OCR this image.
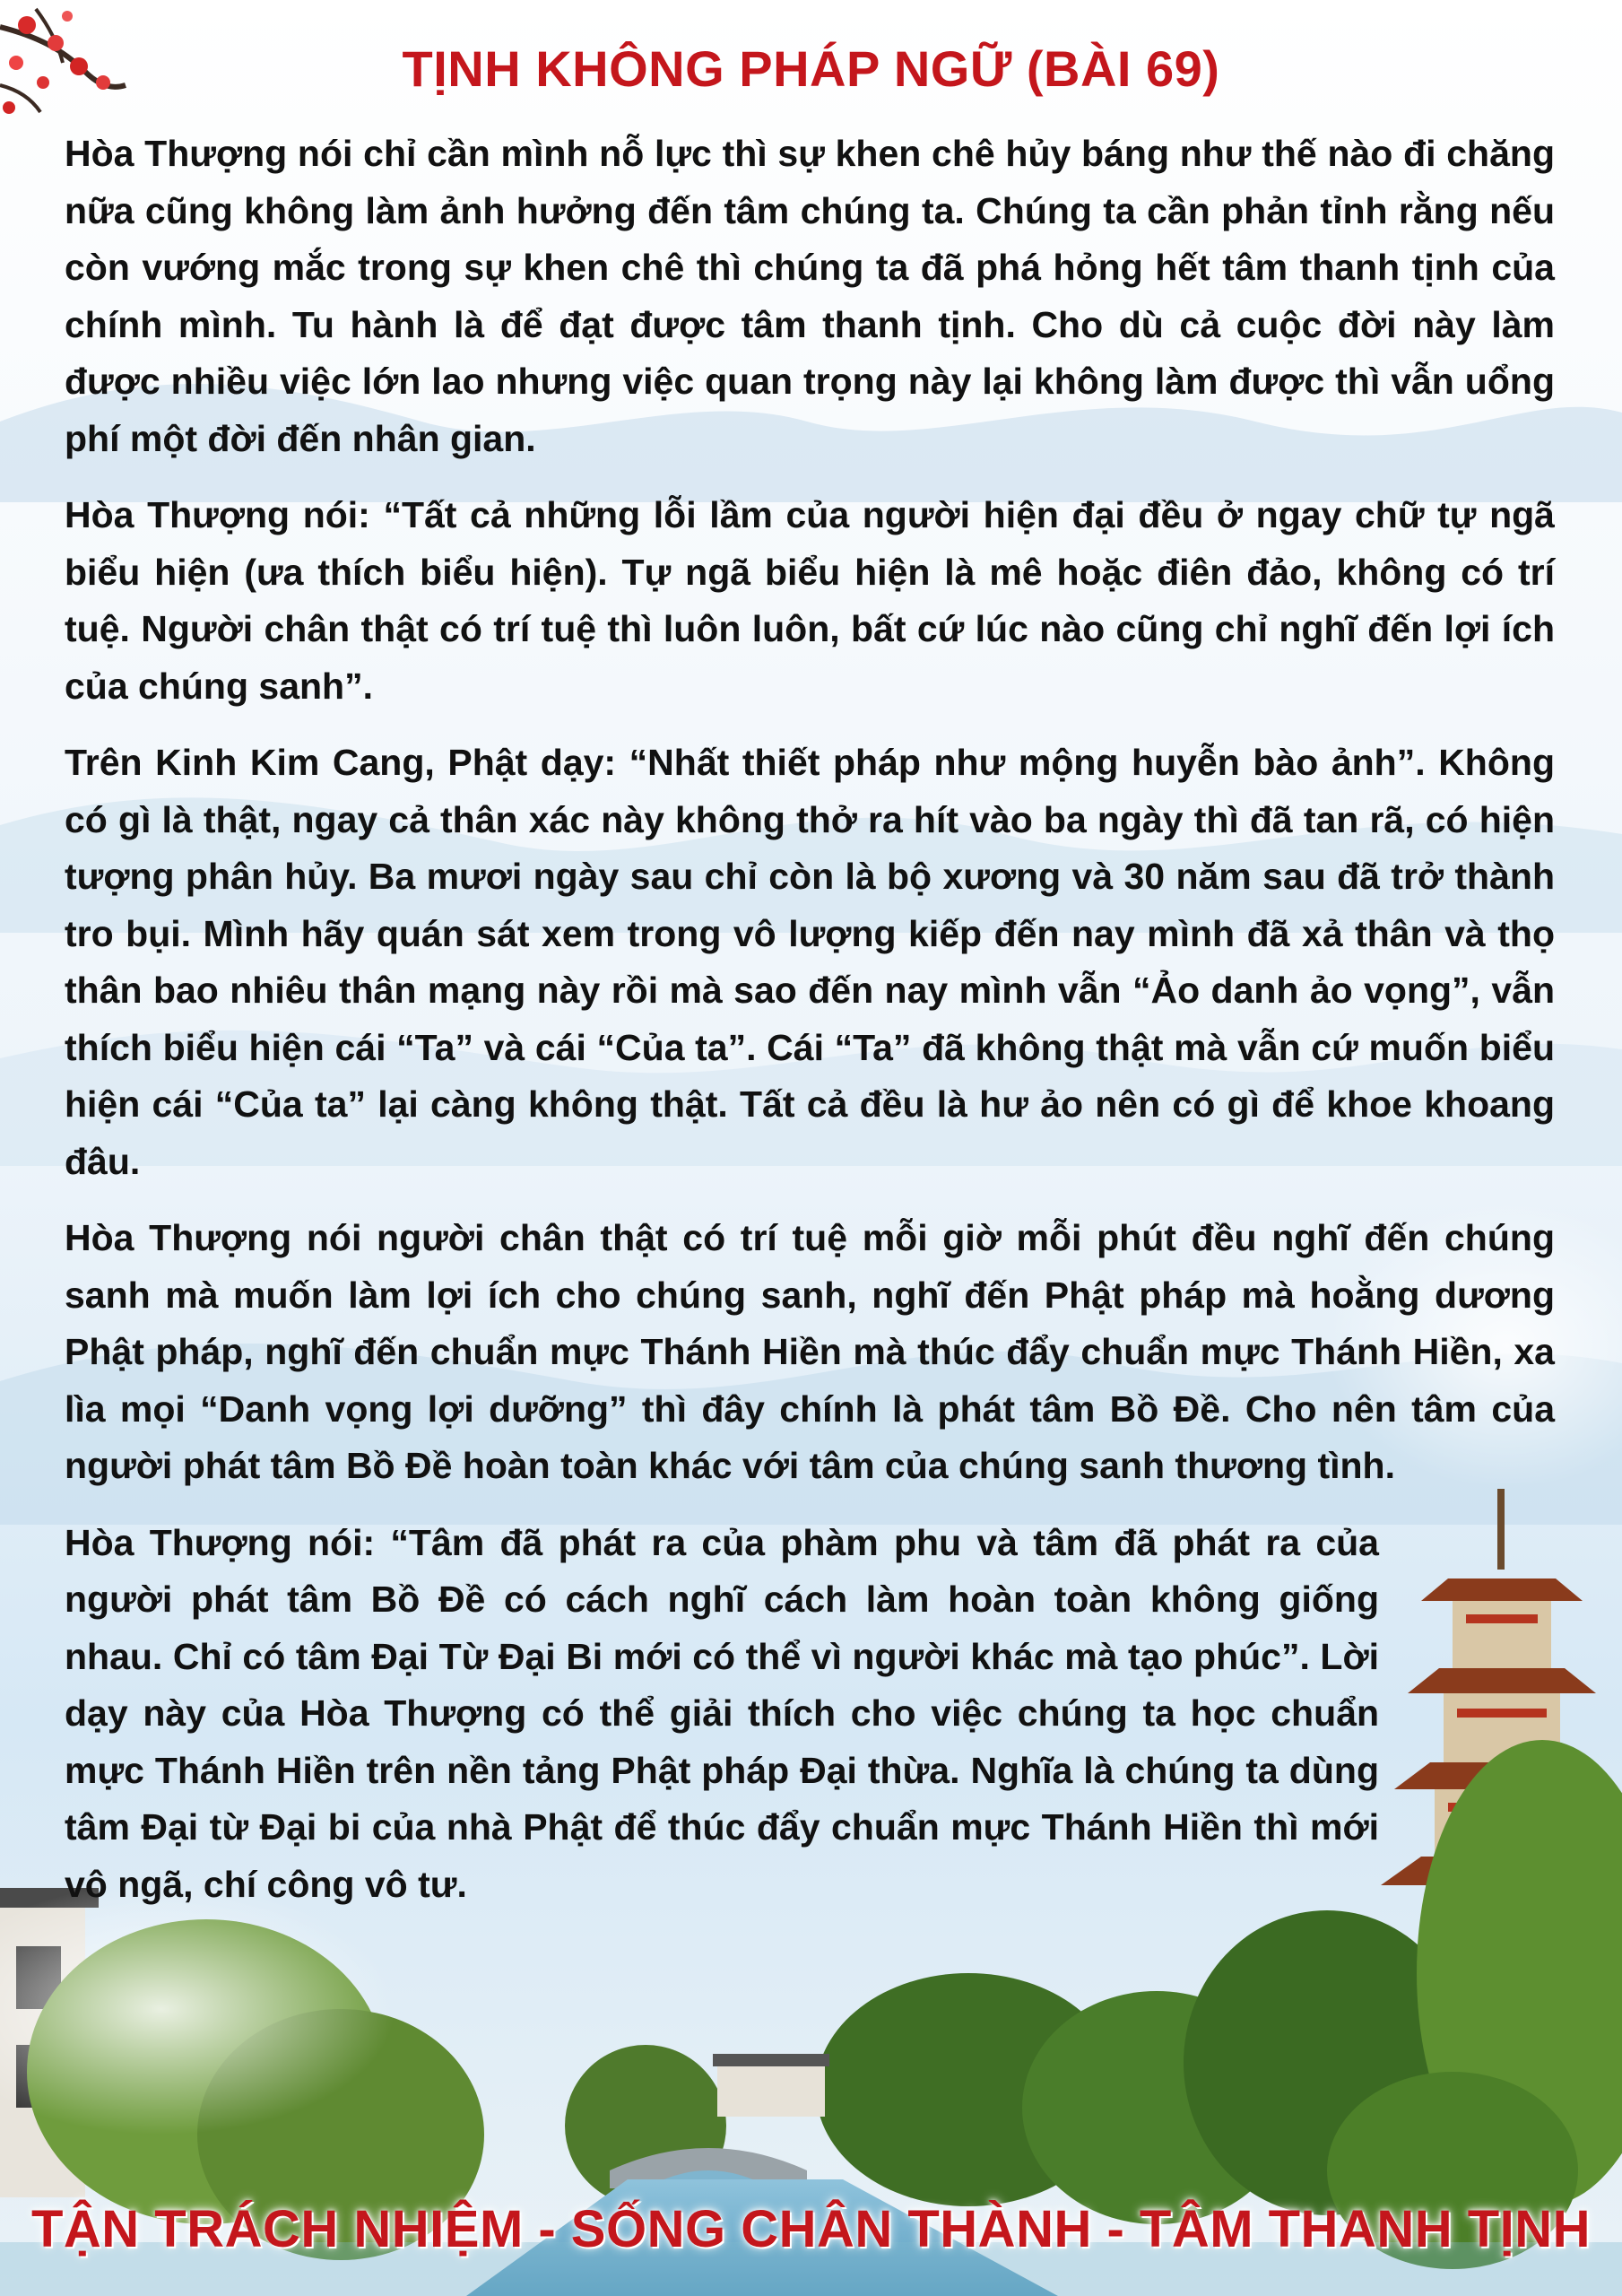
TỊNH KHÔNG PHÁP NGỮ (BÀI 69)

Hòa Thượng nói chỉ cần mình nỗ lực thì sự khen chê hủy báng như thế nào đi chăng nữa cũng không làm ảnh hưởng đến tâm chúng ta. Chúng ta cần phản tỉnh rằng nếu còn vướng mắc trong sự khen chê thì chúng ta đã phá hỏng hết tâm thanh tịnh của chính mình. Tu hành là để đạt được tâm thanh tịnh. Cho dù cả cuộc đời này làm được nhiều việc lớn lao nhưng việc quan trọng này lại không làm được thì vẫn uổng phí một đời đến nhân gian.

Hòa Thượng nói: “Tất cả những lỗi lầm của người hiện đại đều ở ngay chữ tự ngã biểu hiện (ưa thích biểu hiện). Tự ngã biểu hiện là mê hoặc điên đảo, không có trí tuệ. Người chân thật có trí tuệ thì luôn luôn, bất cứ lúc nào cũng chỉ nghĩ đến lợi ích của chúng sanh”.

Trên Kinh Kim Cang, Phật dạy: “Nhất thiết pháp như mộng huyễn bào ảnh”. Không có gì là thật, ngay cả thân xác này không thở ra hít vào ba ngày thì đã tan rã, có hiện tượng phân hủy. Ba mươi ngày sau chỉ còn là bộ xương và 30 năm sau đã trở thành tro bụi. Mình hãy quán sát xem trong vô lượng kiếp đến nay mình đã xả thân và thọ thân bao nhiêu thân mạng này rồi mà sao đến nay mình vẫn “Ảo danh ảo vọng”, vẫn thích biểu hiện cái “Ta” và cái “Của ta”. Cái “Ta” đã không thật mà vẫn cứ muốn biểu hiện cái “Của ta” lại càng không thật. Tất cả đều là hư ảo nên có gì để khoe khoang đâu.

Hòa Thượng nói người chân thật có trí tuệ mỗi giờ mỗi phút đều nghĩ đến chúng sanh mà muốn làm lợi ích cho chúng sanh, nghĩ đến Phật pháp mà hoằng dương Phật pháp, nghĩ đến chuẩn mực Thánh Hiền mà thúc đẩy chuẩn mực Thánh Hiền, xa lìa mọi “Danh vọng lợi dưỡng” thì đây chính là phát tâm Bồ Đề. Cho nên tâm của người phát tâm Bồ Đề hoàn toàn khác với tâm của chúng sanh thương tình.

Hòa Thượng nói: “Tâm đã phát ra của phàm phu và tâm đã phát ra của người phát tâm Bồ Đề có cách nghĩ cách làm hoàn toàn không giống nhau. Chỉ có tâm Đại Từ Đại Bi mới có thể vì người khác mà tạo phúc”. Lời dạy này của Hòa Thượng có thể giải thích cho việc chúng ta học chuẩn mực Thánh Hiền trên nền tảng Phật pháp Đại thừa. Nghĩa là chúng ta dùng tâm Đại từ Đại bi của nhà Phật để thúc đẩy chuẩn mực Thánh Hiền thì mới vô ngã, chí công vô tư.

TẬN TRÁCH NHIỆM - SỐNG CHÂN THÀNH - TÂM THANH TỊNH
